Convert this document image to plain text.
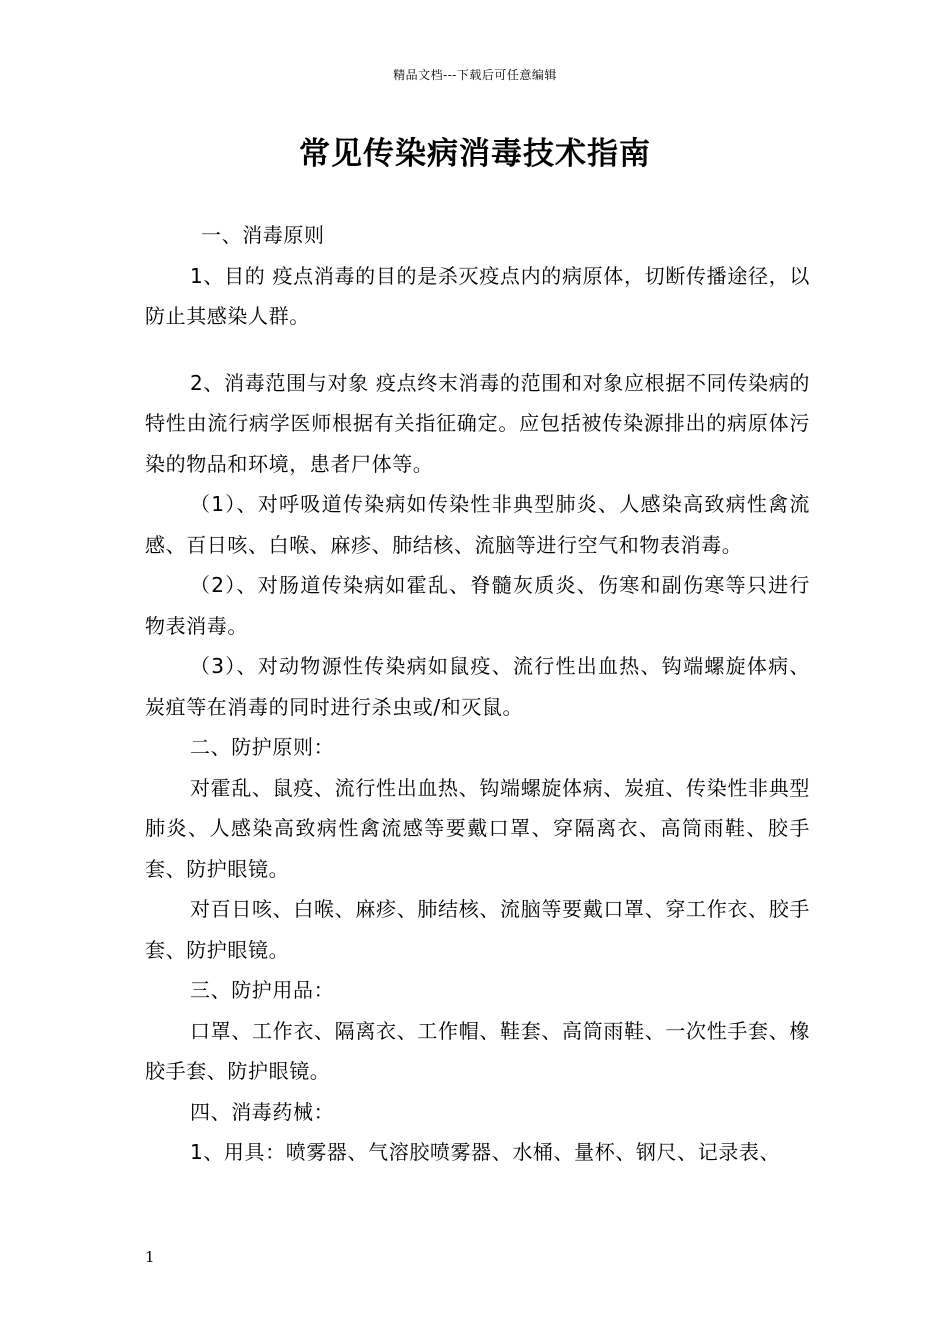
精品文档---下载后可任意编辑
常见传染病消毒技术指南

一、消毒原则

1、目的 疫点消毒的目的是杀灭疫点内的病原体，切断传播途径，以防止其感染人群。

2、消毒范围与对象 疫点终末消毒的范围和对象应根据不同传染病的特性由流行病学医师根据有关指征确定。应包括被传染源排出的病原体污染的物品和环境，患者尸体等。

（1）、对呼吸道传染病如传染性非典型肺炎、人感染高致病性禽流感、百日咳、白喉、麻疹、肺结核、流脑等进行空气和物表消毒。

（2）、对肠道传染病如霍乱、脊髓灰质炎、伤寒和副伤寒等只进行物表消毒。

（3）、对动物源性传染病如鼠疫、流行性出血热、钩端螺旋体病、炭疽等在消毒的同时进行杀虫或/和灭鼠。

二、防护原则：

对霍乱、鼠疫、流行性出血热、钩端螺旋体病、炭疽、传染性非典型肺炎、人感染高致病性禽流感等要戴口罩、穿隔离衣、高筒雨鞋、胶手套、防护眼镜。

对百日咳、白喉、麻疹、肺结核、流脑等要戴口罩、穿工作衣、胶手套、防护眼镜。

三、防护用品：

口罩、工作衣、隔离衣、工作帽、鞋套、高筒雨鞋、一次性手套、橡胶手套、防护眼镜。

四、消毒药械：

1、用具：喷雾器、气溶胶喷雾器、水桶、量杯、钢尺、记录表、

1
